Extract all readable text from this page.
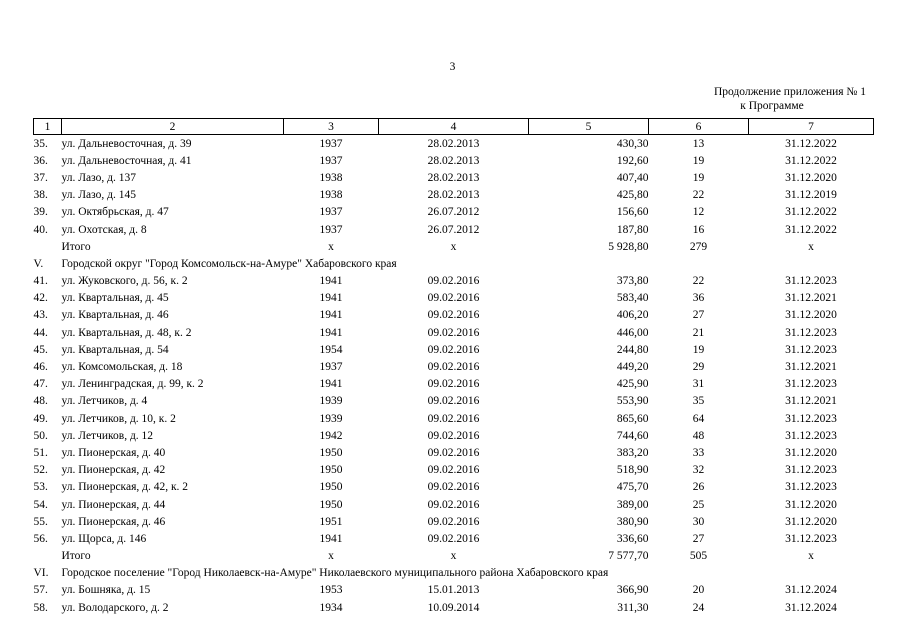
3
Продолжение приложения № 1
к Программе
1	2	3	4	5	6	7
35.	ул. Дальневосточная, д. 39	1937	28.02.2013	430,30	13	31.12.2022
36.	ул. Дальневосточная, д. 41	1937	28.02.2013	192,60	19	31.12.2022
37.	ул. Лазо, д. 137	1938	28.02.2013	407,40	19	31.12.2020
38.	ул. Лазо, д. 145	1938	28.02.2013	425,80	22	31.12.2019
39.	ул. Октябрьская, д. 47	1937	26.07.2012	156,60	12	31.12.2022
40.	ул. Охотская, д. 8	1937	26.07.2012	187,80	16	31.12.2022
	Итого	x	x	5 928,80	279	x
V.	Городской округ "Город Комсомольск-на-Амуре" Хабаровского края					
41.	ул. Жуковского, д. 56, к. 2	1941	09.02.2016	373,80	22	31.12.2023
42.	ул. Квартальная, д. 45	1941	09.02.2016	583,40	36	31.12.2021
43.	ул. Квартальная, д. 46	1941	09.02.2016	406,20	27	31.12.2020
44.	ул. Квартальная, д. 48, к. 2	1941	09.02.2016	446,00	21	31.12.2023
45.	ул. Квартальная, д. 54	1954	09.02.2016	244,80	19	31.12.2023
46.	ул. Комсомольская, д. 18	1937	09.02.2016	449,20	29	31.12.2021
47.	ул. Ленинградская, д. 99, к. 2	1941	09.02.2016	425,90	31	31.12.2023
48.	ул. Летчиков, д. 4	1939	09.02.2016	553,90	35	31.12.2021
49.	ул. Летчиков, д. 10, к. 2	1939	09.02.2016	865,60	64	31.12.2023
50.	ул. Летчиков, д. 12	1942	09.02.2016	744,60	48	31.12.2023
51.	ул. Пионерская, д. 40	1950	09.02.2016	383,20	33	31.12.2020
52.	ул. Пионерская, д. 42	1950	09.02.2016	518,90	32	31.12.2023
53.	ул. Пионерская, д. 42, к. 2	1950	09.02.2016	475,70	26	31.12.2023
54.	ул. Пионерская, д. 44	1950	09.02.2016	389,00	25	31.12.2020
55.	ул. Пионерская, д. 46	1951	09.02.2016	380,90	30	31.12.2020
56.	ул. Щорса, д. 146	1941	09.02.2016	336,60	27	31.12.2023
	Итого	x	x	7 577,70	505	x
VI.	Городское поселение "Город Николаевск-на-Амуре" Николаевского муниципального района Хабаровского края					
57.	ул. Бошняка, д. 15	1953	15.01.2013	366,90	20	31.12.2024
58.	ул. Володарского, д. 2	1934	10.09.2014	311,30	24	31.12.2024
